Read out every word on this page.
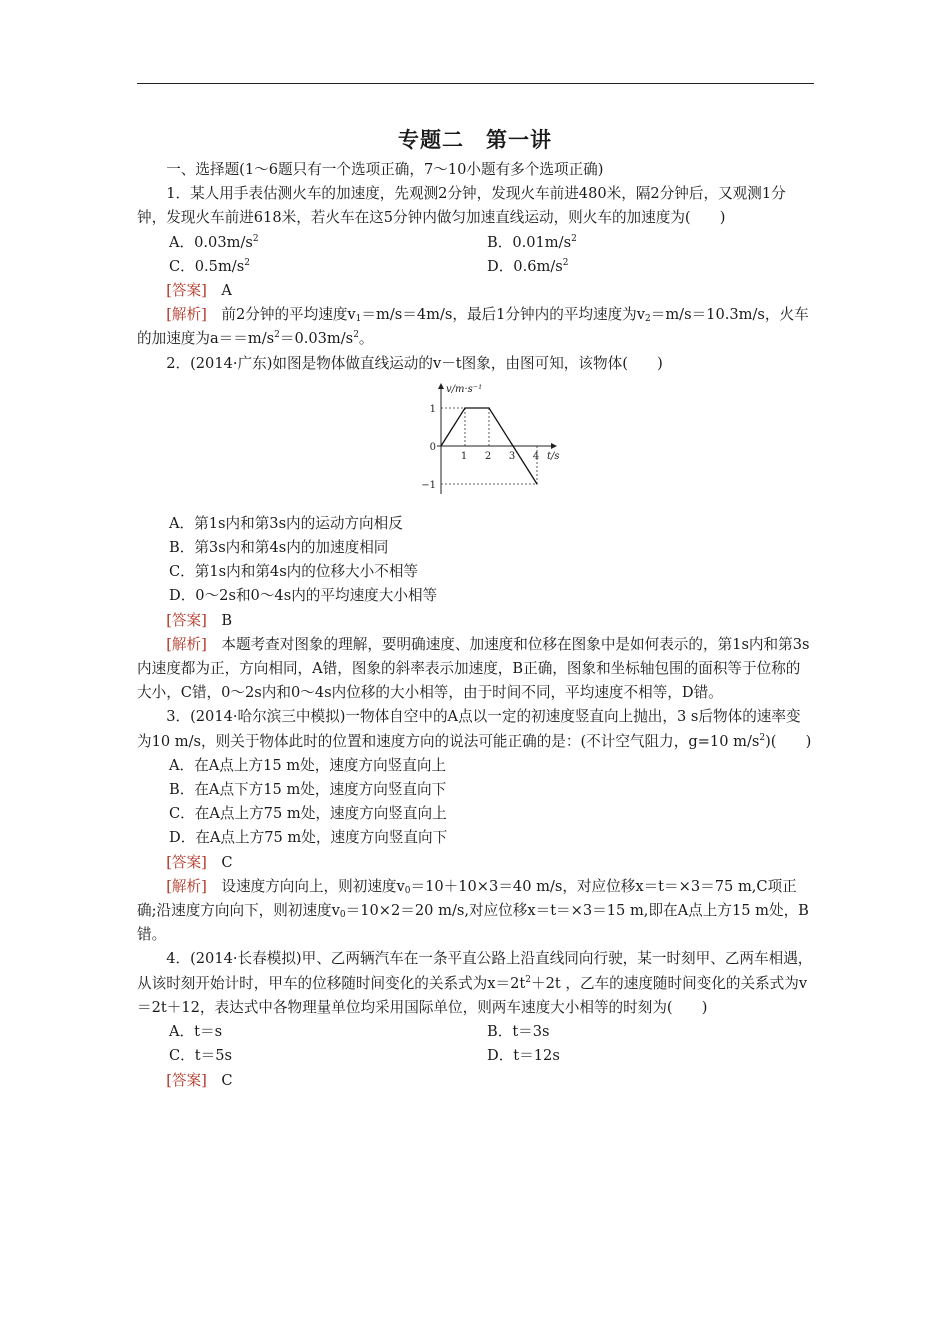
专题二　第一讲

一、选择题(1～6题只有一个选项正确，7～10小题有多个选项正确)

1．某人用手表估测火车的加速度，先观测2分钟，发现火车前进480米，隔2分钟后，又观测1分钟，发现火车前进618米，若火车在这5分钟内做匀加速直线运动，则火车的加速度为(　　)

A．$0.03m/s^2$	B．$0.01m/s^2$
C．$0.5m/s^2$	D．$0.6m/s^2$

[答案]　 A

[解析]　 前2分钟的平均速度$v_1=m/s=4m/s$，最后1分钟内的平均速度为$v_2=m/s=10.3m/s$，火车的加速度为$a==m/s^2=0.03m/s^2$。

2．(2014·广东)如图是物体做直线运动的v－t图象，由图可知，该物体(　　)

v/m·s⁻¹
t/s
1
0
−1
1 2 3 4

A．第1s内和第3s内的运动方向相反

B．第3s内和第4s内的加速度相同

C．第1s内和第4s内的位移大小不相等

D．0～2s和0～4s内的平均速度大小相等

[答案]　 B

[解析]　 本题考查对图象的理解，要明确速度、加速度和位移在图象中是如何表示的，第1s内和第3s内速度都为正，方向相同，A错，图象的斜率表示加速度，B正确，图象和坐标轴包围的面积等于位称的大小，C错，0～2s内和0～4s内位移的大小相等，由于时间不同，平均速度不相等，D错。

3．(2014·哈尔滨三中模拟)一物体自空中的A点以一定的初速度竖直向上抛出，3 s后物体的速率变为10 m/s，则关于物体此时的位置和速度方向的说法可能正确的是：(不计空气阻力，g=10 $m/s^2$)(　　)

A．在A点上方15 m处，速度方向竖直向上

B．在A点下方15 m处，速度方向竖直向下

C．在A点上方75 m处，速度方向竖直向上

D．在A点上方75 m处，速度方向竖直向下

[答案]　 C

[解析]　 设速度方向向上，则初速度$v_0=10+10\times 3=40$ m/s，对应位移x＝t＝×3＝75 m,C项正确;沿速度方向向下，则初速度$v_0=10\times 2=20$ m/s,对应位移x＝t＝×3＝15 m,即在A点上方15 m处，B错。

4．(2014·长春模拟)甲、乙两辆汽车在一条平直公路上沿直线同向行驶，某一时刻甲、乙两车相遇，从该时刻开始计时，甲车的位移随时间变化的关系式为$x=2t^2+2t$ ，乙车的速度随时间变化的关系式为v＝2t＋12，表达式中各物理量单位均采用国际单位，则两车速度大小相等的时刻为(　　)

A．t＝s	B．t＝3s
C．t＝5s	D．t＝12s

[答案]　 C
